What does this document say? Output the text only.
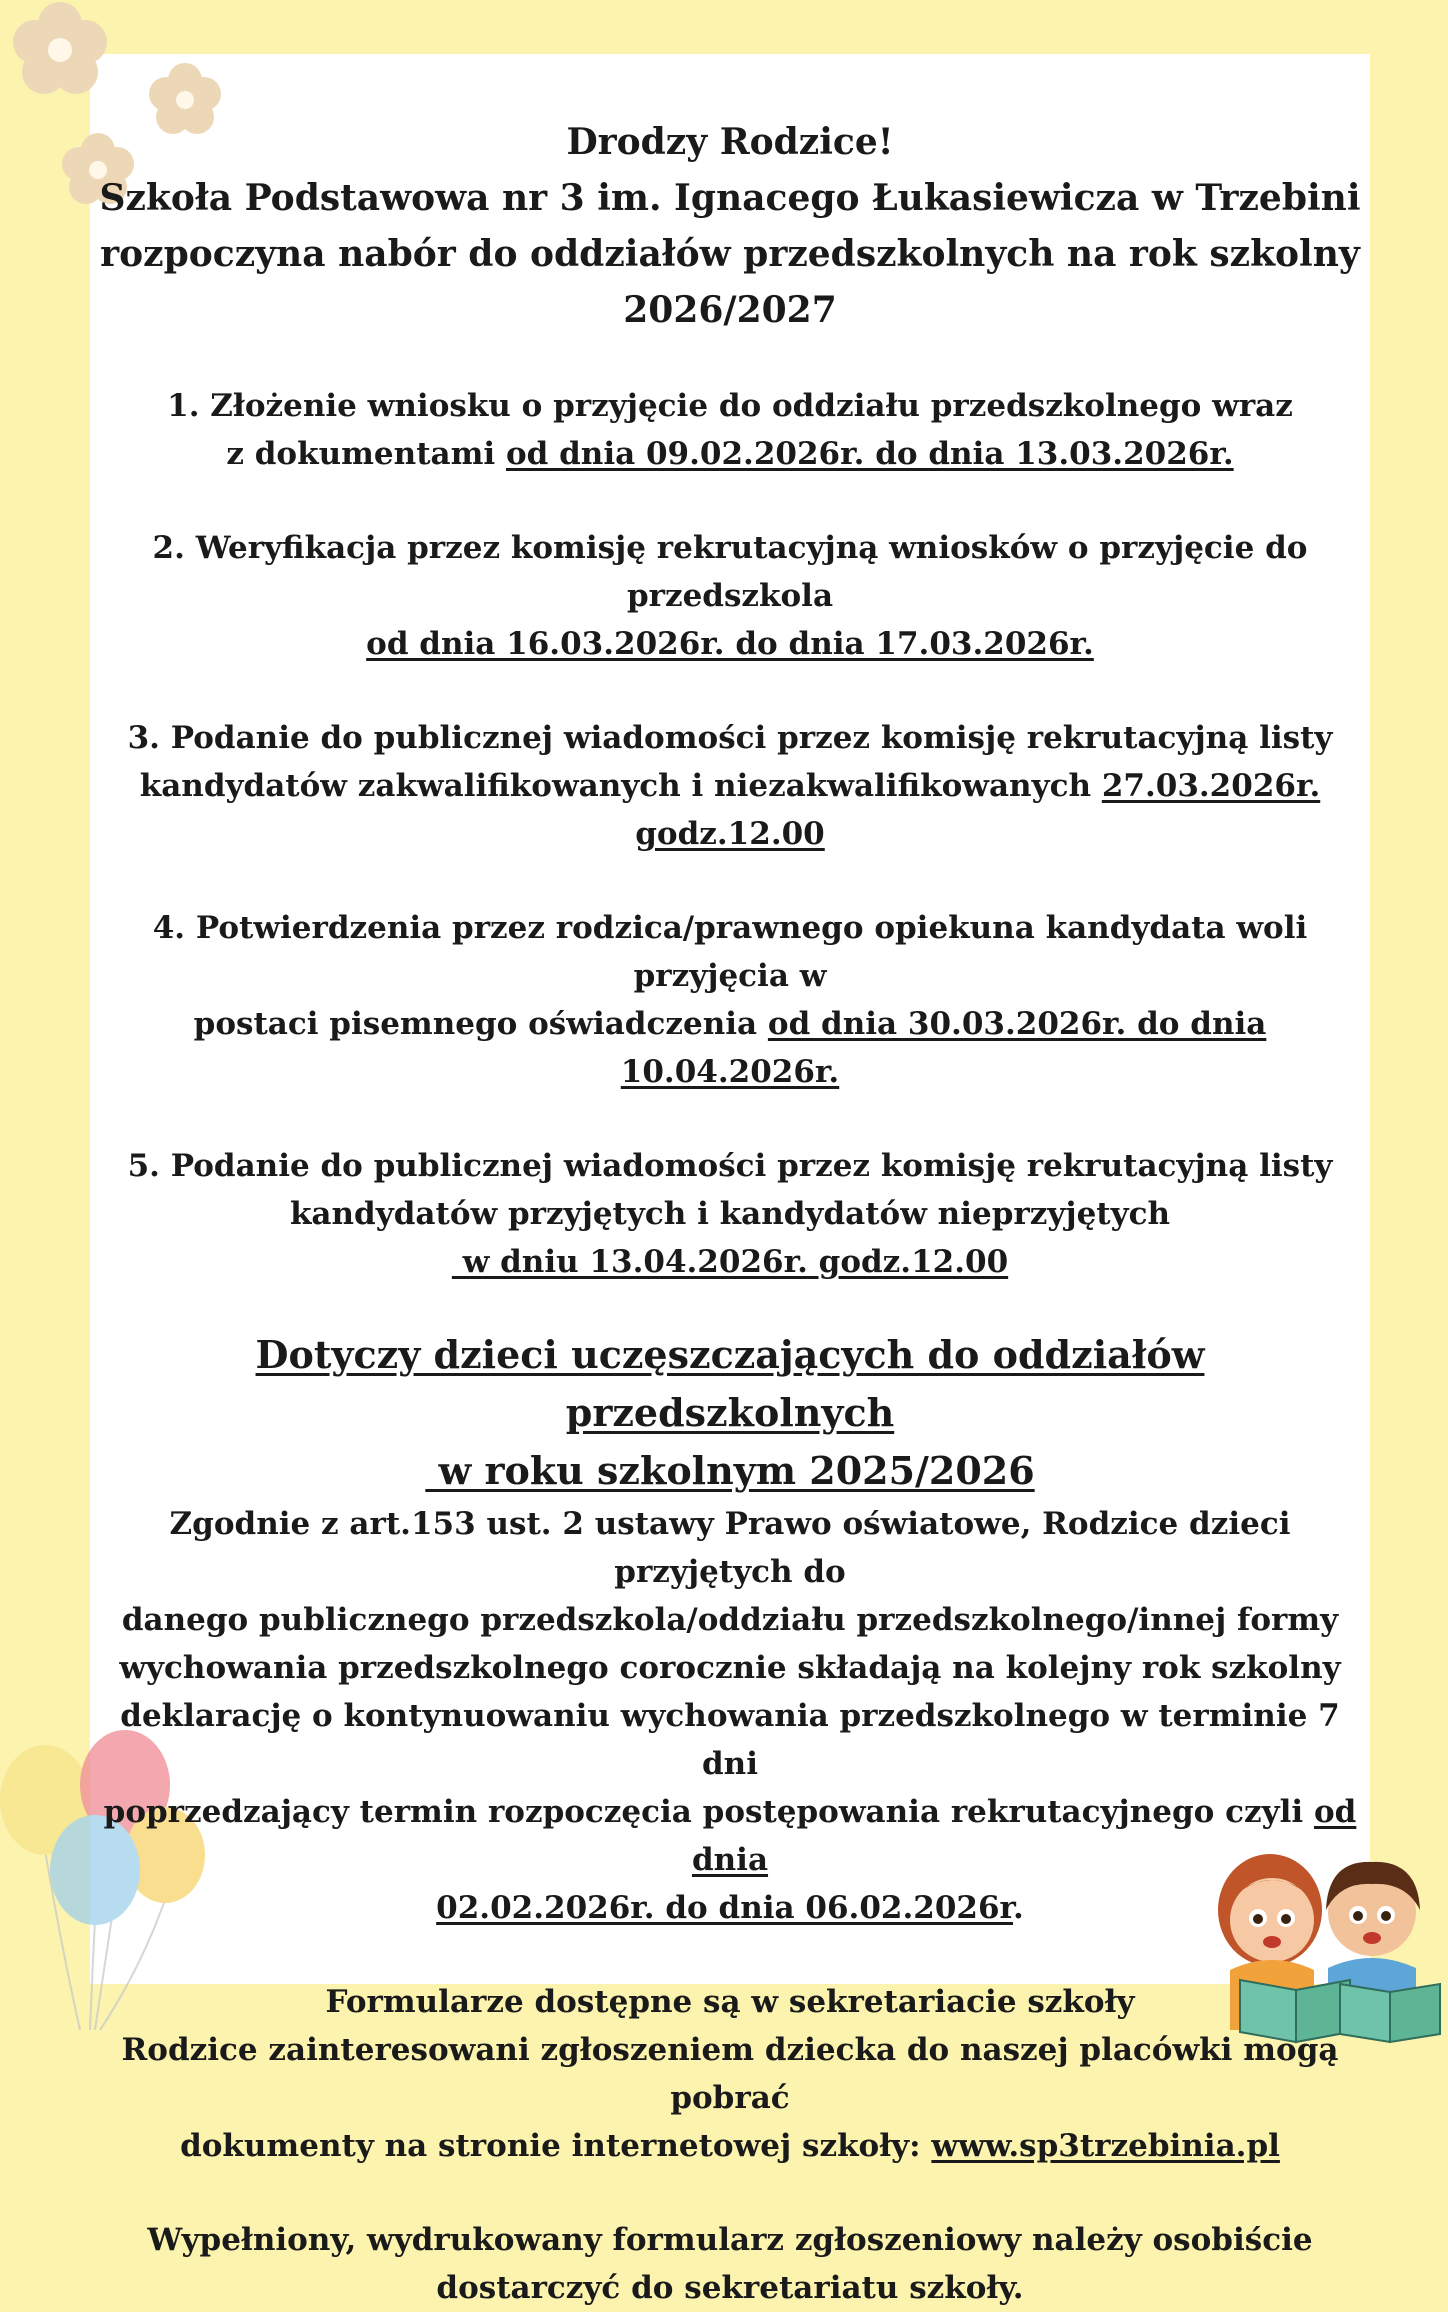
Drodzy Rodzice!

Szkoła Podstawowa nr 3 im. Ignacego Łukasiewicza w Trzebini

rozpoczyna nabór do oddziałów przedszkolnych na rok szkolny

2026/2027

1. Złożenie wniosku o przyjęcie do oddziału przedszkolnego wraz

z dokumentami od dnia 09.02.2026r. do dnia 13.03.2026r.

2. Weryfikacja przez komisję rekrutacyjną wniosków o przyjęcie do przedszkola

od dnia 16.03.2026r. do dnia 17.03.2026r.

3. Podanie do publicznej wiadomości przez komisję rekrutacyjną listy

kandydatów zakwalifikowanych i niezakwalifikowanych 27.03.2026r. godz.12.00

4. Potwierdzenia przez rodzica/prawnego opiekuna kandydata woli przyjęcia w

postaci pisemnego oświadczenia od dnia 30.03.2026r. do dnia 10.04.2026r.

5. Podanie do publicznej wiadomości przez komisję rekrutacyjną listy

kandydatów przyjętych i kandydatów nieprzyjętych

w dniu 13.04.2026r. godz.12.00

Dotyczy dzieci uczęszczających do oddziałów przedszkolnych

w roku szkolnym 2025/2026

Zgodnie z art.153 ust. 2 ustawy Prawo oświatowe, Rodzice dzieci przyjętych do

danego publicznego przedszkola/oddziału przedszkolnego/innej formy

wychowania przedszkolnego corocznie składają na kolejny rok szkolny

deklarację o kontynuowaniu wychowania przedszkolnego w terminie 7 dni

poprzedzający termin rozpoczęcia postępowania rekrutacyjnego czyli od dnia

02.02.2026r. do dnia 06.02.2026r.

Formularze dostępne są w sekretariacie szkoły

Rodzice zainteresowani zgłoszeniem dziecka do naszej placówki mogą pobrać

dokumenty na stronie internetowej szkoły: www.sp3trzebinia.pl

Wypełniony, wydrukowany formularz zgłoszeniowy należy osobiście

dostarczyć do sekretariatu szkoły.
